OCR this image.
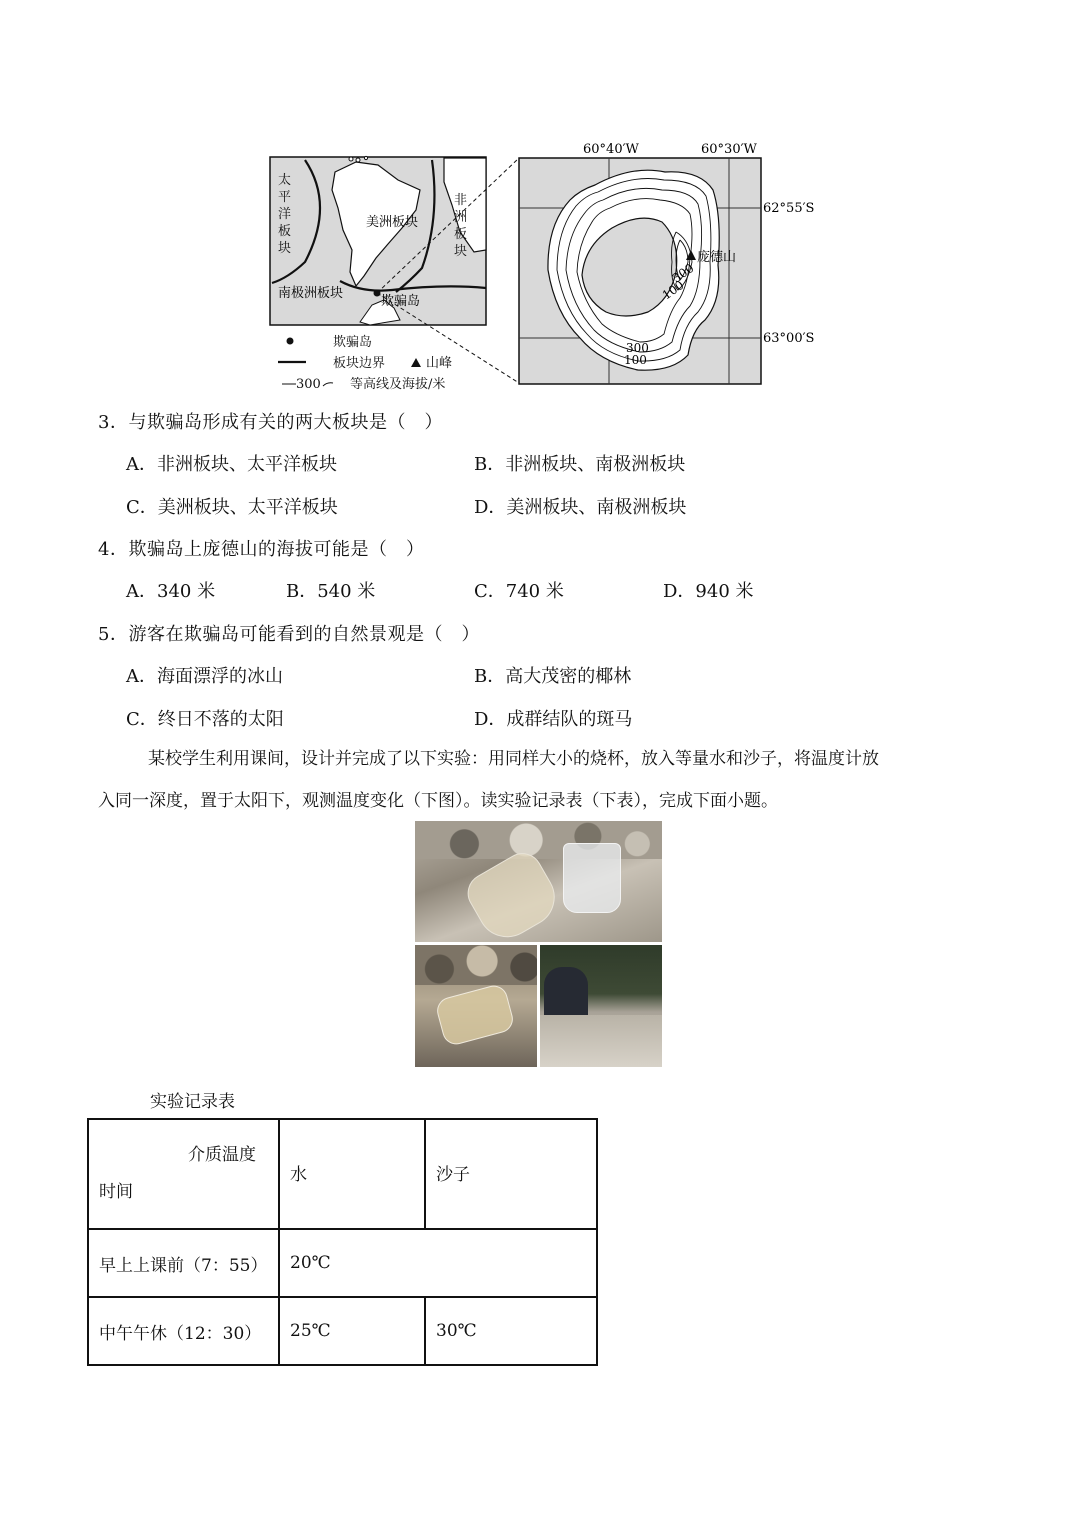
太
平
洋
板
块
非
洲
板
块
美洲板块
南极洲板块
欺骗岛
欺骗岛
板块边界	山峰
300 等高线及海拔/米
庞德山
300
100
300
100
60°40′W	60°30′W
62°55′S
63°00′S
3．与欺骗岛形成有关的两大板块是（　）
A．非洲板块、太平洋板块	B．非洲板块、南极洲板块
C．美洲板块、太平洋板块	D．美洲板块、南极洲板块
4．欺骗岛上庞德山的海拔可能是（　）
A．340 米	B．540 米	C．740 米	D．940 米
5．游客在欺骗岛可能看到的自然景观是（　）
A．海面漂浮的冰山	B．高大茂密的椰林
C．终日不落的太阳	D．成群结队的斑马
某校学生利用课间，设计并完成了以下实验：用同样大小的烧杯，放入等量水和沙子，将温度计放
入同一深度，置于太阳下，观测温度变化（下图）。读实验记录表（下表），完成下面小题。
实验记录表
介质温度
时间	水	沙子
早上上课前（7：55）	20℃	
中午午休（12：30）	25℃	30℃
